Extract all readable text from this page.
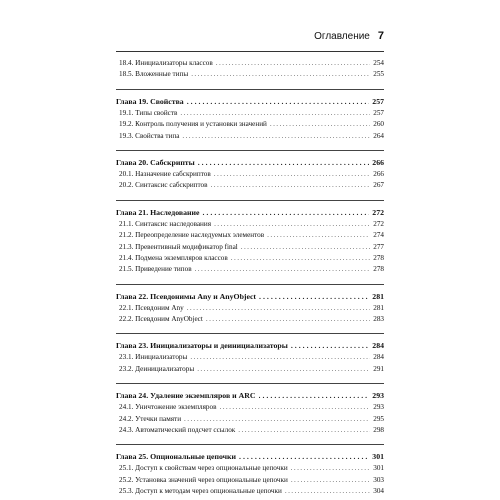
Оглавление 7
18.4. Инициализаторы классов .....	254
18.5. Вложенные типы .....	255
Глава 19. Свойства .....	257
19.1. Типы свойств .....	257
19.2. Контроль получения и установки значений .....	260
19.3. Свойства типа .....	264
Глава 20. Сабскрипты .....	266
20.1. Назначение сабскриптов .....	266
20.2. Синтаксис сабскриптов .....	267
Глава 21. Наследование .....	272
21.1. Синтаксис наследования .....	272
21.2. Переопределение наследуемых элементов .....	274
21.3. Превентивный модификатор final .....	277
21.4. Подмена экземпляров классов .....	278
21.5. Приведение типов .....	278
Глава 22. Псевдонимы Any и AnyObject .....	281
22.1. Псевдоним Any .....	281
22.2. Псевдоним AnyObject .....	283
Глава 23. Инициализаторы и деинициализаторы .....	284
23.1. Инициализаторы .....	284
23.2. Деинициализаторы .....	291
Глава 24. Удаление экземпляров и ARC .....	293
24.1. Уничтожение экземпляров .....	293
24.2. Утечки памяти .....	295
24.3. Автоматический подсчет ссылок .....	298
Глава 25. Опциональные цепочки .....	301
25.1. Доступ к свойствам через опциональные цепочки .....	301
25.2. Установка значений через опциональные цепочки .....	303
25.3. Доступ к методам через опциональные цепочки .....	304
